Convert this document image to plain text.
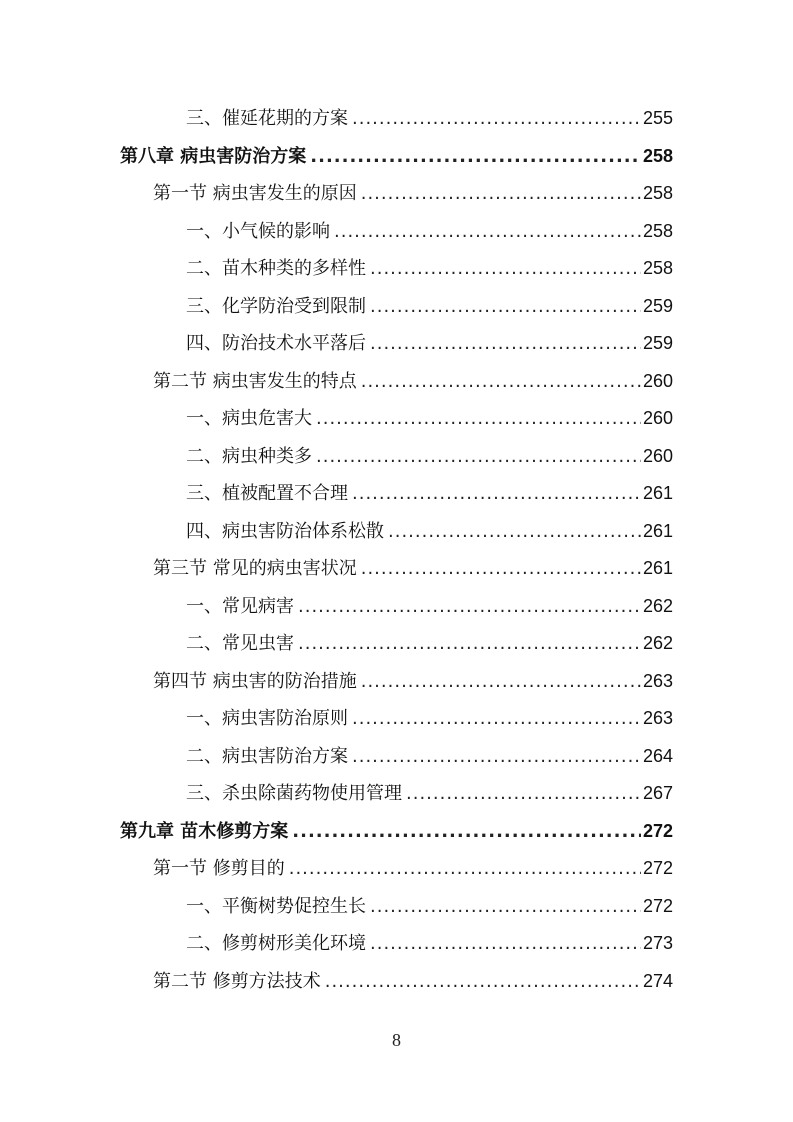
三、催延花期的方案 .....	255
第八章 病虫害防治方案 .....	258
第一节 病虫害发生的原因 .....	258
一、小气候的影响 .....	258
二、苗木种类的多样性 .....	258
三、化学防治受到限制 .....	259
四、防治技术水平落后 .....	259
第二节 病虫害发生的特点 .....	260
一、病虫危害大 .....	260
二、病虫种类多 .....	260
三、植被配置不合理 .....	261
四、病虫害防治体系松散 .....	261
第三节 常见的病虫害状况 .....	261
一、常见病害 .....	262
二、常见虫害 .....	262
第四节 病虫害的防治措施 .....	263
一、病虫害防治原则 .....	263
二、病虫害防治方案 .....	264
三、杀虫除菌药物使用管理 .....	267
第九章 苗木修剪方案 .....	272
第一节 修剪目的 .....	272
一、平衡树势促控生长 .....	272
二、修剪树形美化环境 .....	273
第二节 修剪方法技术 .....	274
8
